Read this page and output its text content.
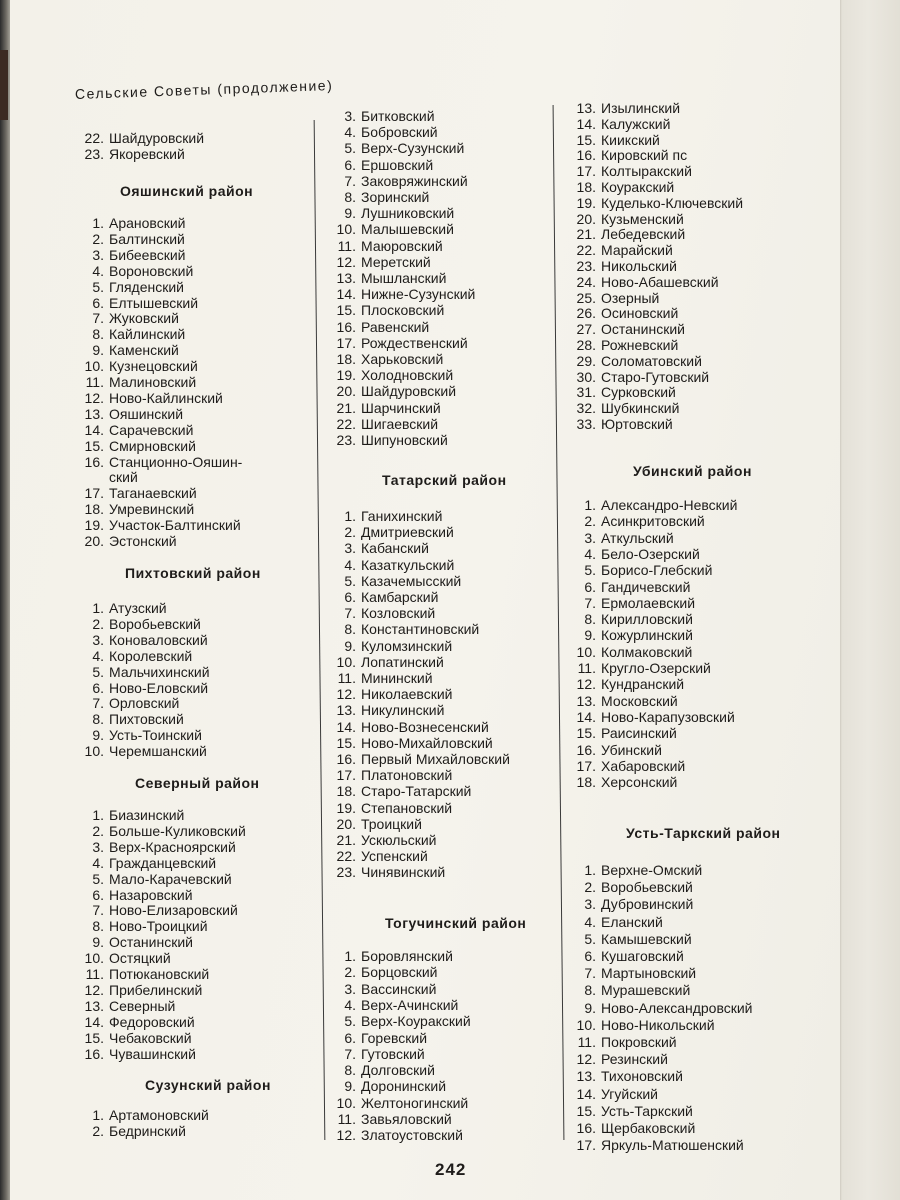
Сельские Советы (продолжение)
22. Шайдуровский
23. Якоревский
Ояшинский район
1. Арановский
2. Балтинский
3. Бибеевский
4. Вороновский
5. Гляденский
6. Елтышевский
7. Жуковский
8. Кайлинский
9. Каменский
10. Кузнецовский
11. Малиновский
12. Ново-Кайлинский
13. Ояшинский
14. Сарачевский
15. Смирновский
16. Станционно-Ояшин-
ский
17. Таганаевский
18. Умревинский
19. Участок-Балтинский
20. Эстонский
Пихтовский район
1. Атузский
2. Воробьевский
3. Коноваловский
4. Королевский
5. Мальчихинский
6. Ново-Еловский
7. Орловский
8. Пихтовский
9. Усть-Тоинский
10. Черемшанский
Северный район
1. Биазинский
2. Больше-Куликовский
3. Верх-Красноярский
4. Гражданцевский
5. Мало-Карачевский
6. Назаровский
7. Ново-Елизаровский
8. Ново-Троицкий
9. Останинский
10. Остяцкий
11. Потюкановский
12. Прибелинский
13. Северный
14. Федоровский
15. Чебаковский
16. Чувашинский
Сузунский район
1. Артамоновский
2. Бедринский
3. Битковский
4. Бобровский
5. Верх-Сузунский
6. Ершовский
7. Заковряжинский
8. Зоринский
9. Лушниковский
10. Малышевский
11. Маюровский
12. Меретский
13. Мышланский
14. Нижне-Сузунский
15. Плосковский
16. Равенский
17. Рождественский
18. Харьковский
19. Холодновский
20. Шайдуровский
21. Шарчинский
22. Шигаевский
23. Шипуновский
Татарский район
1. Ганихинский
2. Дмитриевский
3. Кабанский
4. Казаткульский
5. Казачемысский
6. Камбарский
7. Козловский
8. Константиновский
9. Куломзинский
10. Лопатинский
11. Мининский
12. Николаевский
13. Никулинский
14. Ново-Вознесенский
15. Ново-Михайловский
16. Первый Михайловский
17. Платоновский
18. Старо-Татарский
19. Степановский
20. Троицкий
21. Ускюльский
22. Успенский
23. Чинявинский
Тогучинский район
1. Боровлянский
2. Борцовский
3. Вассинский
4. Верх-Ачинский
5. Верх-Коуракский
6. Горевский
7. Гутовский
8. Долговский
9. Доронинский
10. Желтоногинский
11. Завьяловский
12. Златоустовский
13. Изылинский
14. Калужский
15. Киикский
16. Кировский пс
17. Колтыракский
18. Коуракский
19. Куделько-Ключевский
20. Кузьменский
21. Лебедевский
22. Марайский
23. Никольский
24. Ново-Абашевский
25. Озерный
26. Осиновский
27. Останинский
28. Рожневский
29. Соломатовский
30. Старо-Гутовский
31. Сурковский
32. Шубкинский
33. Юртовский
Убинский район
1. Александро-Невский
2. Асинкритовский
3. Аткульский
4. Бело-Озерский
5. Борисо-Глебский
6. Гандичевский
7. Ермолаевский
8. Кирилловский
9. Кожурлинский
10. Колмаковский
11. Кругло-Озерский
12. Кундранский
13. Московский
14. Ново-Карапузовский
15. Раисинский
16. Убинский
17. Хабаровский
18. Херсонский
Усть-Таркский район
1. Верхне-Омский
2. Воробьевский
3. Дубровинский
4. Еланский
5. Камышевский
6. Кушаговский
7. Мартыновский
8. Мурашевский
9. Ново-Александровский
10. Ново-Никольский
11. Покровский
12. Резинский
13. Тихоновский
14. Угуйский
15. Усть-Таркский
16. Щербаковский
17. Яркуль-Матюшенский
242
